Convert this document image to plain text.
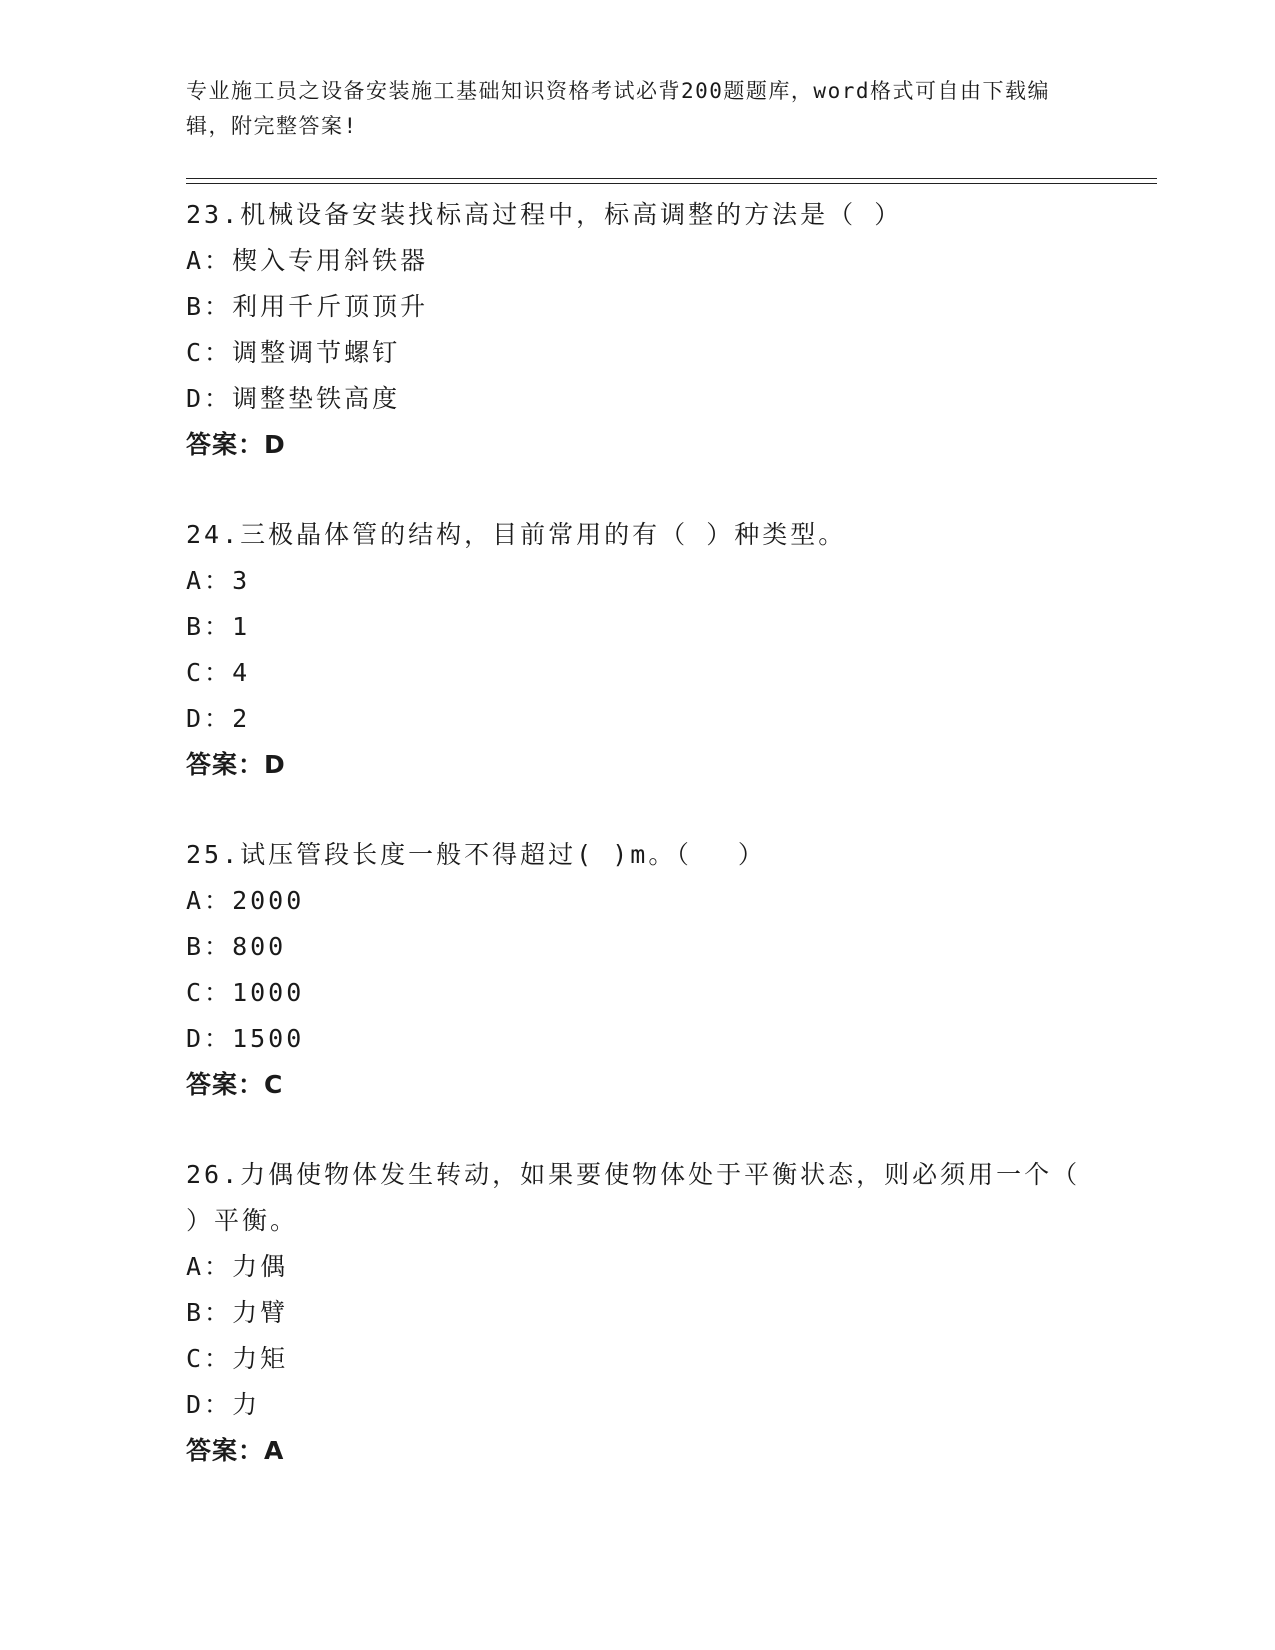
专业施工员之设备安装施工基础知识资格考试必背200题题库，word格式可自由下载编辑，附完整答案!

23.机械设备安装找标高过程中，标高调整的方法是（ ）

A： 楔入专用斜铁器

B： 利用千斤顶顶升

C： 调整调节螺钉

D： 调整垫铁高度

答案：D

24.三极晶体管的结构，目前常用的有（ ）种类型。

A： 3

B： 1

C： 4

D： 2

答案：D

25.试压管段长度一般不得超过( )m。（　 ）

A： 2000

B： 800

C： 1000

D： 1500

答案：C

26.力偶使物体发生转动，如果要使物体处于平衡状态，则必须用一个（ ）平衡。

A： 力偶

B： 力臂

C： 力矩

D： 力

答案：A
